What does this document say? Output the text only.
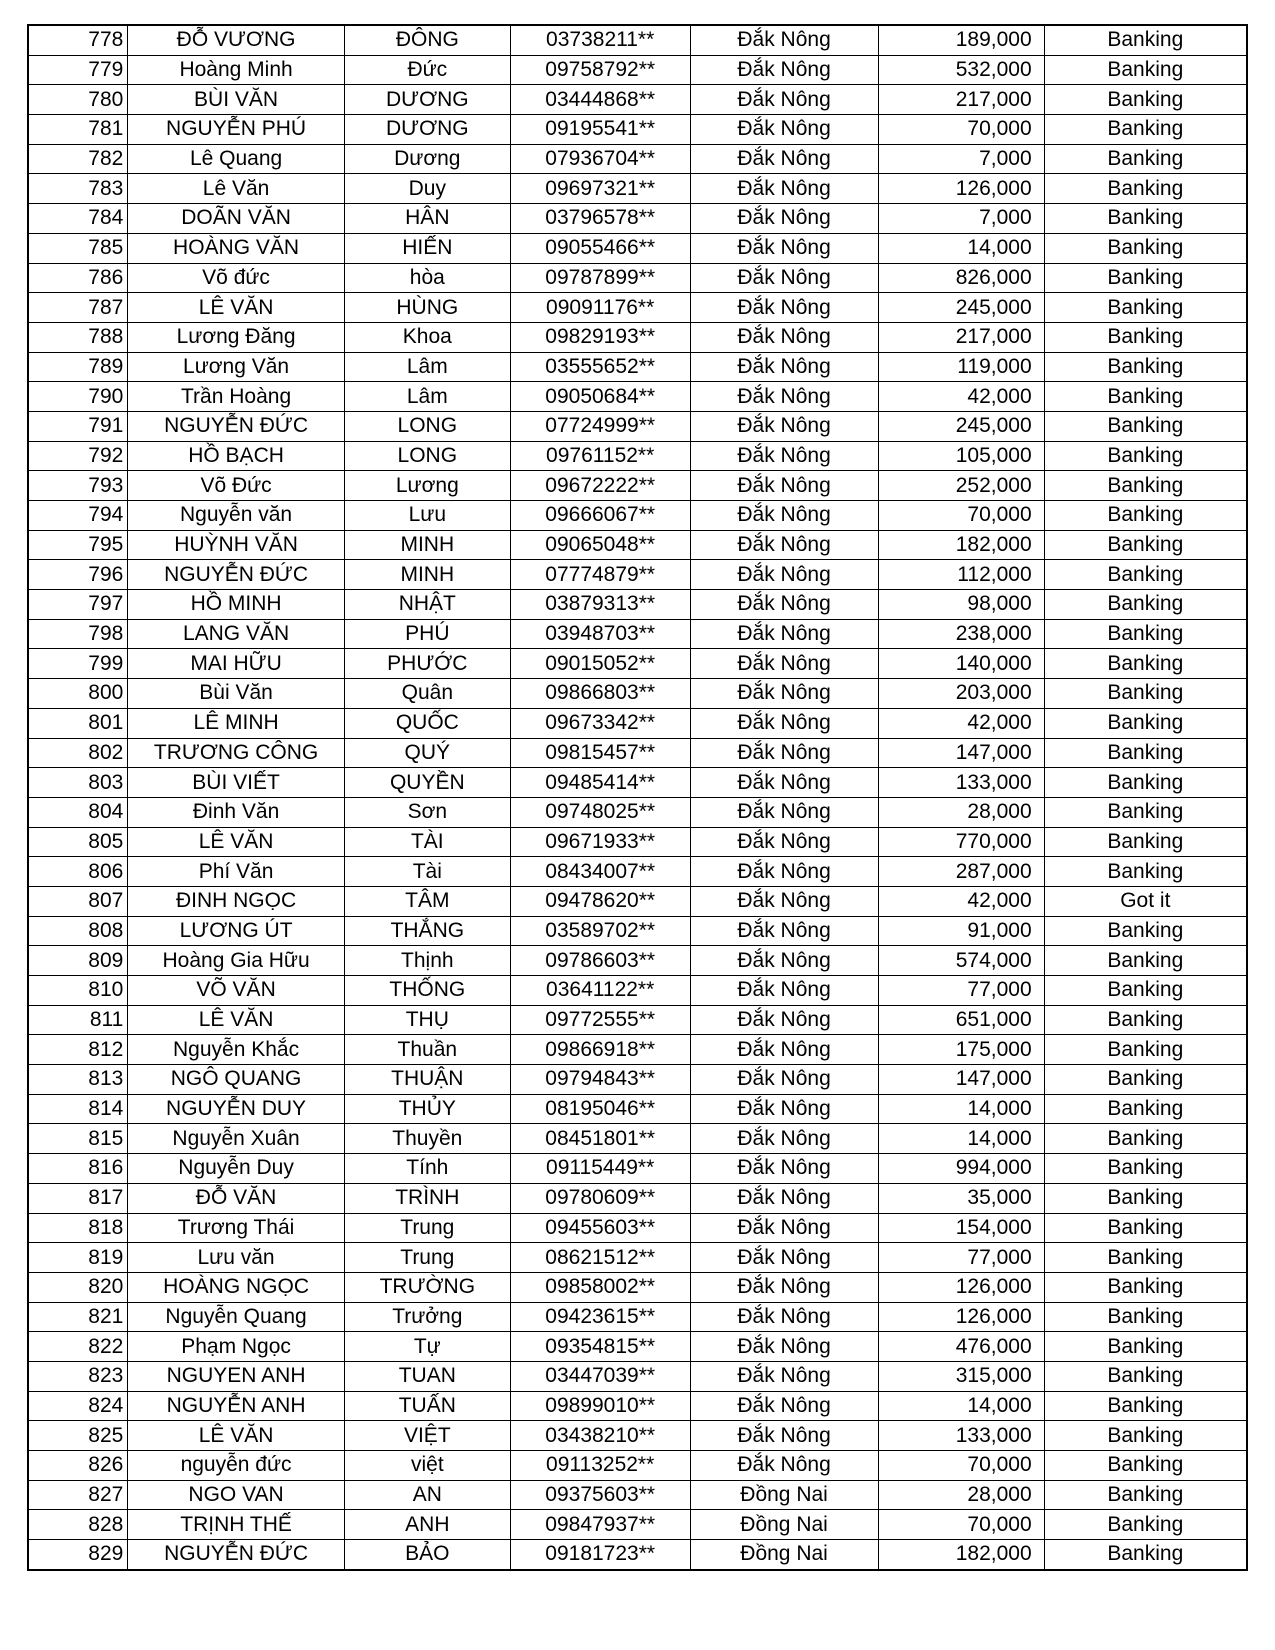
778	ĐỖ VƯƠNG	ĐÔNG	03738211**	Đắk Nông	189,000	Banking
779	Hoàng Minh	Đức	09758792**	Đắk Nông	532,000	Banking
780	BÙI VĂN	DƯƠNG	03444868**	Đắk Nông	217,000	Banking
781	NGUYỄN PHÚ	DƯƠNG	09195541**	Đắk Nông	70,000	Banking
782	Lê Quang	Dương	07936704**	Đắk Nông	7,000	Banking
783	Lê Văn	Duy	09697321**	Đắk Nông	126,000	Banking
784	DOÃN VĂN	HÂN	03796578**	Đắk Nông	7,000	Banking
785	HOÀNG VĂN	HIẾN	09055466**	Đắk Nông	14,000	Banking
786	Võ đức	hòa	09787899**	Đắk Nông	826,000	Banking
787	LÊ VĂN	HÙNG	09091176**	Đắk Nông	245,000	Banking
788	Lương Đăng	Khoa	09829193**	Đắk Nông	217,000	Banking
789	Lương Văn	Lâm	03555652**	Đắk Nông	119,000	Banking
790	Trần Hoàng	Lâm	09050684**	Đắk Nông	42,000	Banking
791	NGUYỄN ĐỨC	LONG	07724999**	Đắk Nông	245,000	Banking
792	HỒ BẠCH	LONG	09761152**	Đắk Nông	105,000	Banking
793	Võ Đức	Lương	09672222**	Đắk Nông	252,000	Banking
794	Nguyễn văn	Lưu	09666067**	Đắk Nông	70,000	Banking
795	HUỲNH VĂN	MINH	09065048**	Đắk Nông	182,000	Banking
796	NGUYỄN ĐỨC	MINH	07774879**	Đắk Nông	112,000	Banking
797	HỒ MINH	NHẬT	03879313**	Đắk Nông	98,000	Banking
798	LANG VĂN	PHÚ	03948703**	Đắk Nông	238,000	Banking
799	MAI HỮU	PHƯỚC	09015052**	Đắk Nông	140,000	Banking
800	Bùi Văn	Quân	09866803**	Đắk Nông	203,000	Banking
801	LÊ MINH	QUỐC	09673342**	Đắk Nông	42,000	Banking
802	TRƯƠNG CÔNG	QUÝ	09815457**	Đắk Nông	147,000	Banking
803	BÙI VIẾT	QUYỀN	09485414**	Đắk Nông	133,000	Banking
804	Đinh Văn	Sơn	09748025**	Đắk Nông	28,000	Banking
805	LÊ VĂN	TÀI	09671933**	Đắk Nông	770,000	Banking
806	Phí Văn	Tài	08434007**	Đắk Nông	287,000	Banking
807	ĐINH NGỌC	TÂM	09478620**	Đắk Nông	42,000	Got it
808	LƯƠNG ÚT	THẮNG	03589702**	Đắk Nông	91,000	Banking
809	Hoàng Gia Hữu	Thịnh	09786603**	Đắk Nông	574,000	Banking
810	VÕ VĂN	THỐNG	03641122**	Đắk Nông	77,000	Banking
811	LÊ VĂN	THỤ	09772555**	Đắk Nông	651,000	Banking
812	Nguyễn Khắc	Thuần	09866918**	Đắk Nông	175,000	Banking
813	NGÔ QUANG	THUẬN	09794843**	Đắk Nông	147,000	Banking
814	NGUYỄN DUY	THỦY	08195046**	Đắk Nông	14,000	Banking
815	Nguyễn Xuân	Thuyền	08451801**	Đắk Nông	14,000	Banking
816	Nguyễn Duy	Tính	09115449**	Đắk Nông	994,000	Banking
817	ĐỖ VĂN	TRÌNH	09780609**	Đắk Nông	35,000	Banking
818	Trương Thái	Trung	09455603**	Đắk Nông	154,000	Banking
819	Lưu văn	Trung	08621512**	Đắk Nông	77,000	Banking
820	HOÀNG NGỌC	TRƯỜNG	09858002**	Đắk Nông	126,000	Banking
821	Nguyễn Quang	Trưởng	09423615**	Đắk Nông	126,000	Banking
822	Phạm Ngọc	Tự	09354815**	Đắk Nông	476,000	Banking
823	NGUYEN ANH	TUAN	03447039**	Đắk Nông	315,000	Banking
824	NGUYỄN ANH	TUẤN	09899010**	Đắk Nông	14,000	Banking
825	LÊ VĂN	VIỆT	03438210**	Đắk Nông	133,000	Banking
826	nguyễn đức	việt	09113252**	Đắk Nông	70,000	Banking
827	NGO VAN	AN	09375603**	Đồng Nai	28,000	Banking
828	TRỊNH THẾ	ANH	09847937**	Đồng Nai	70,000	Banking
829	NGUYỄN ĐỨC	BẢO	09181723**	Đồng Nai	182,000	Banking
